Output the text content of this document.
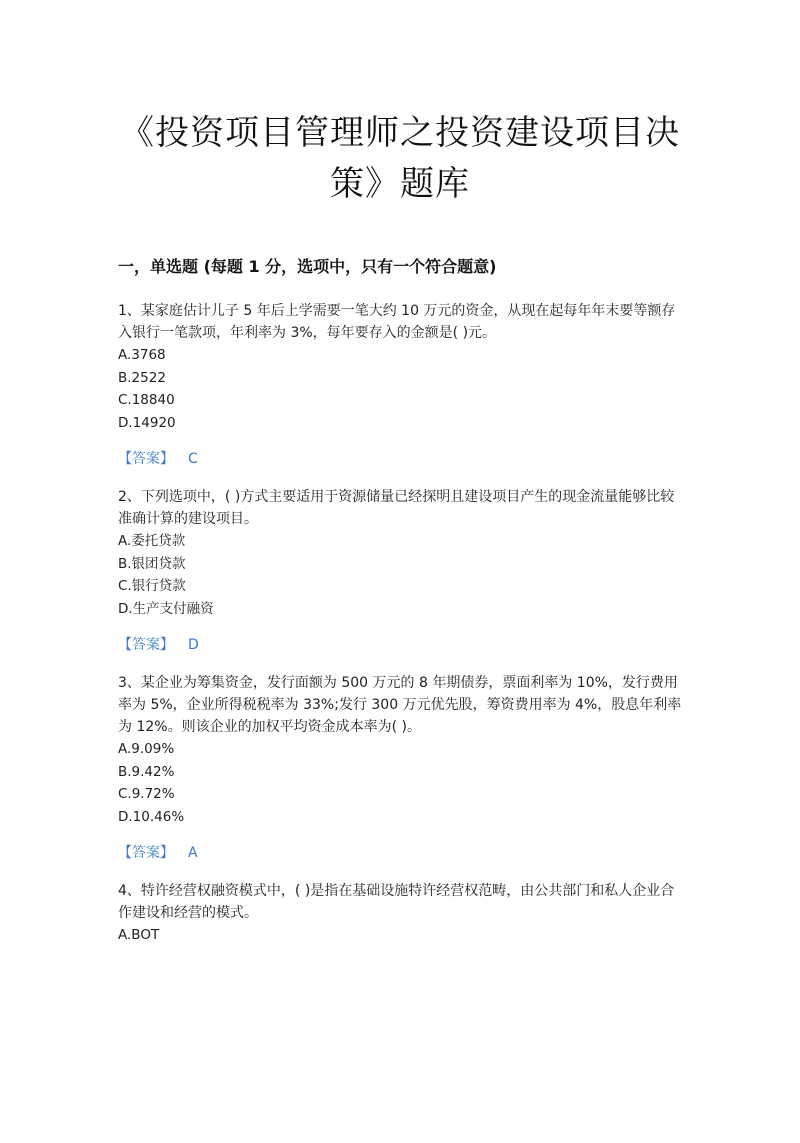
《投资项目管理师之投资建设项目决策》题库
一，单选题 (每题 1 分，选项中，只有一个符合题意)

1、某家庭估计儿子 5 年后上学需要一笔大约 10 万元的资金，从现在起每年年末要等额存入银行一笔款项，年利率为 3%，每年要存入的金额是( )元。

A.3768
B.2522
C.18840
D.14920
【答案】 C

2、下列选项中，( )方式主要适用于资源储量已经探明且建设项目产生的现金流量能够比较准确计算的建设项目。

A.委托贷款
B.银团贷款
C.银行贷款
D.生产支付融资
【答案】 D

3、某企业为筹集资金，发行面额为 500 万元的 8 年期债券，票面利率为 10%，发行费用率为 5%，企业所得税税率为 33%;发行 300 万元优先股，筹资费用率为 4%，股息年利率为 12%。则该企业的加权平均资金成本率为( )。

A.9.09%
B.9.42%
C.9.72%
D.10.46%
【答案】 A

4、特许经营权融资模式中，( )是指在基础设施特许经营权范畴，由公共部门和私人企业合作建设和经营的模式。

A.BOT
